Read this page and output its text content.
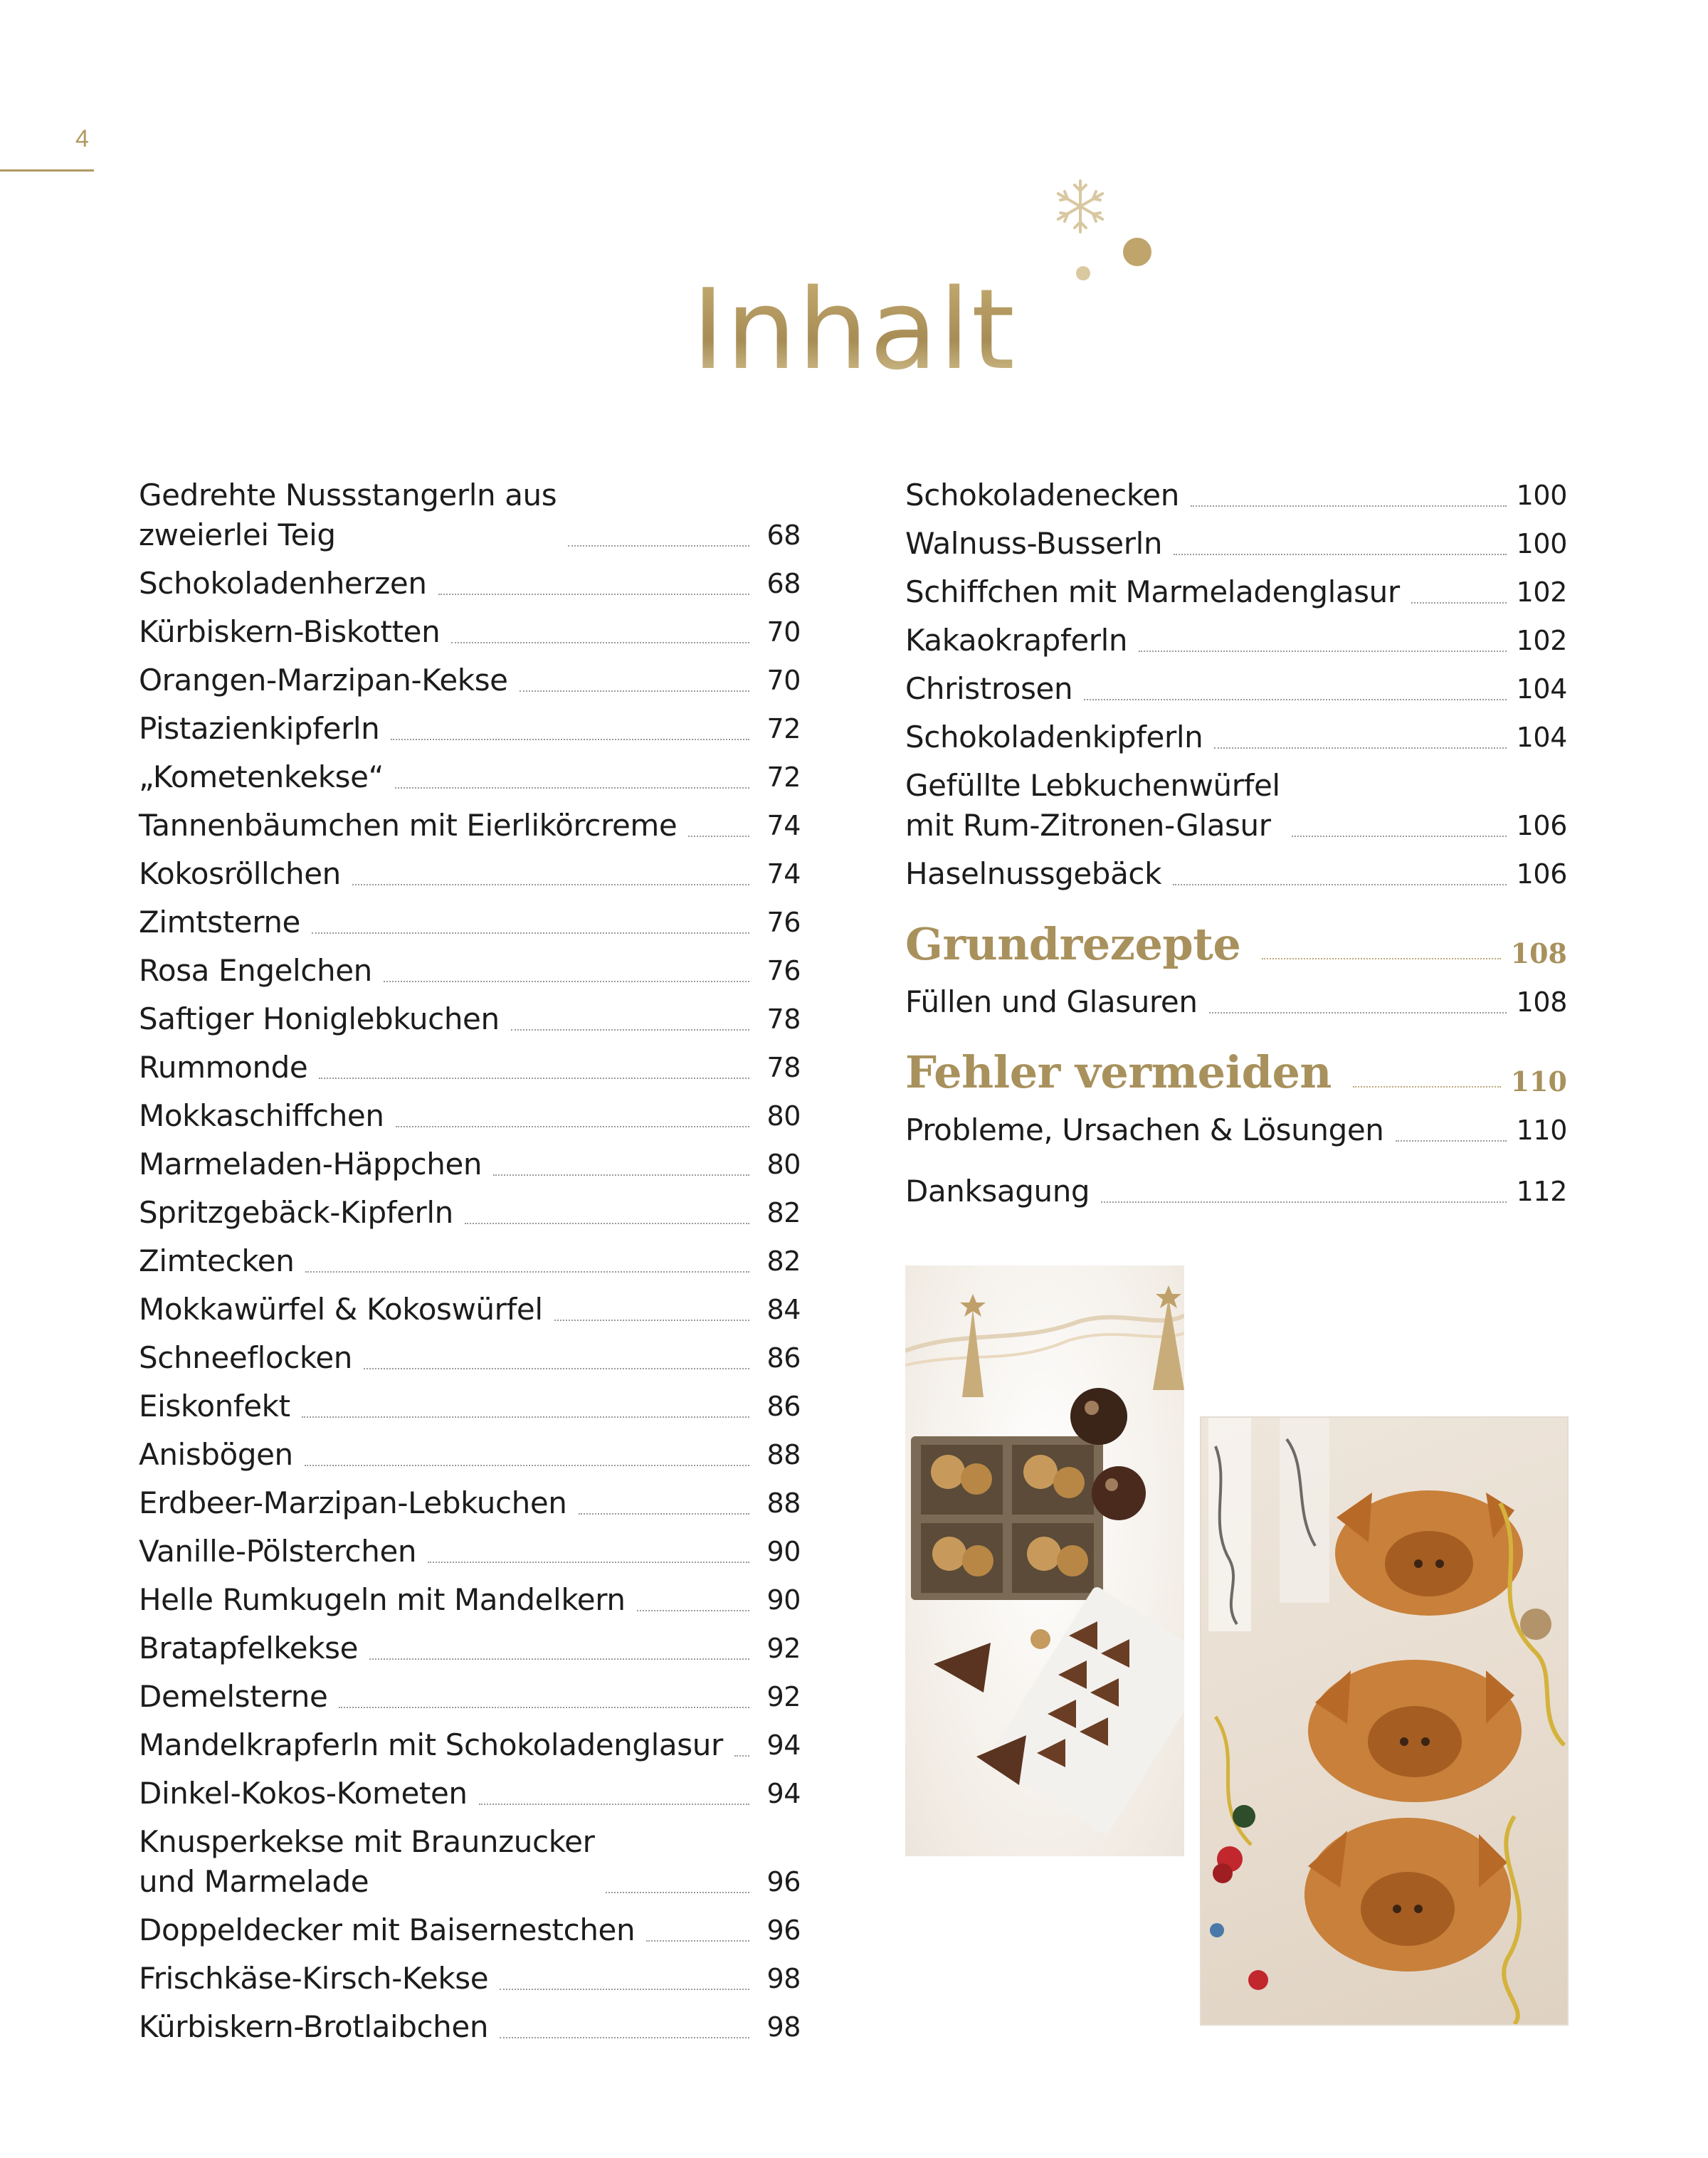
4
Inhalt
Gedrehte Nussstangerln aus
zweierlei Teig	68
Schokoladenherzen	68
Kürbiskern-Biskotten	70
Orangen-Marzipan-Kekse	70
Pistazienkipferln	72
„Kometenkekse“	72
Tannenbäumchen mit Eierlikörcreme	74
Kokosröllchen	74
Zimtsterne	76
Rosa Engelchen	76
Saftiger Honiglebkuchen	78
Rummonde	78
Mokkaschiffchen	80
Marmeladen-Häppchen	80
Spritzgebäck-Kipferln	82
Zimtecken	82
Mokkawürfel & Kokoswürfel	84
Schneeflocken	86
Eiskonfekt	86
Anisbögen	88
Erdbeer-Marzipan-Lebkuchen	88
Vanille-Pölsterchen	90
Helle Rumkugeln mit Mandelkern	90
Bratapfelkekse	92
Demelsterne	92
Mandelkrapferln mit Schokoladenglasur 94
Dinkel-Kokos-Kometen	94
Knusperkekse mit Braunzucker
und Marmelade	96
Doppeldecker mit Baisernestchen	96
Frischkäse-Kirsch-Kekse	98
Kürbiskern-Brotlaibchen	98
Schokoladenecken	100
Walnuss-Busserln	100
Schiffchen mit Marmeladenglasur	102
Kakaokrapferln	102
Christrosen	104
Schokoladenkipferln	104
Gefüllte Lebkuchenwürfel
mit Rum-Zitronen-Glasur	106
Haselnussgebäck	106
Grundrezepte	108
Füllen und Glasuren	108
Fehler vermeiden	110
Probleme, Ursachen & Lösungen	110
Danksagung	112
